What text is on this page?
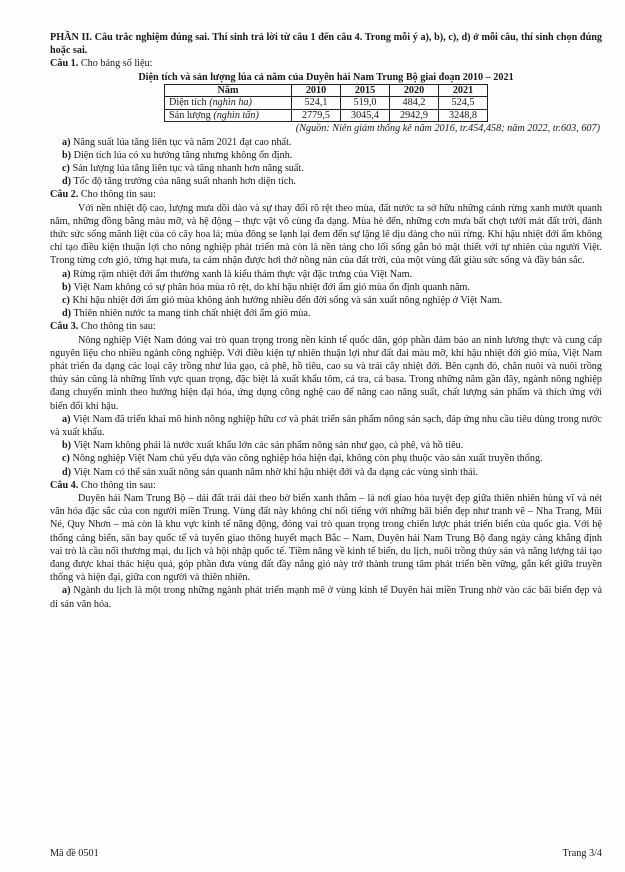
PHẦN II. Câu trắc nghiệm đúng sai. Thí sinh trả lời từ câu 1 đến câu 4. Trong mỗi ý a), b), c), d) ở mỗi câu, thí sinh chọn đúng hoặc sai.

Câu 1. Cho bảng số liệu:

Diện tích và sản lượng lúa cả năm của Duyên hải Nam Trung Bộ giai đoạn 2010 – 2021

Năm	2010	2015	2020	2021
Diện tích (nghìn ha)	524,1	519,0	484,2	524,5
Sản lượng (nghìn tấn)	2779,5	3045,4	2942,9	3248,8

(Nguồn: Niên giám thống kê năm 2016, tr.454,458; năm 2022, tr.603, 607)

a) Năng suất lúa tăng liên tục và năm 2021 đạt cao nhất.

b) Diện tích lúa có xu hướng tăng nhưng không ổn định.

c) Sản lượng lúa tăng liên tục và tăng nhanh hơn năng suất.

d) Tốc độ tăng trưởng của năng suất nhanh hơn diện tích.

Câu 2. Cho thông tin sau:

Với nền nhiệt độ cao, lượng mưa dồi dào và sự thay đổi rõ rệt theo mùa, đất nước ta sở hữu những cánh rừng xanh mướt quanh năm, những đồng bằng màu mỡ, và hệ động – thực vật vô cùng đa dạng. Mùa hè đến, những cơn mưa bất chợt tưới mát đất trời, đánh thức sức sống mãnh liệt của cỏ cây hoa lá; mùa đông se lạnh lại đem đến sự lặng lẽ dịu dàng cho núi rừng. Khí hậu nhiệt đới ẩm không chỉ tạo điều kiện thuận lợi cho nông nghiệp phát triển mà còn là nền tảng cho lối sống gắn bó mật thiết với tự nhiên của người Việt. Trong từng cơn gió, từng hạt mưa, ta cảm nhận được hơi thở nồng nàn của đất trời, của một vùng đất giàu sức sống và đầy bản sắc.

a) Rừng rậm nhiệt đới ẩm thường xanh là kiểu thảm thực vật đặc trưng của Việt Nam.

b) Việt Nam không có sự phân hóa mùa rõ rệt, do khí hậu nhiệt đới ẩm gió mùa ổn định quanh năm.

c) Khí hậu nhiệt đới ẩm gió mùa không ảnh hưởng nhiều đến đời sống và sản xuất nông nghiệp ở Việt Nam.

d) Thiên nhiên nước ta mang tính chất nhiệt đới ẩm gió mùa.

Câu 3. Cho thông tin sau:

Nông nghiệp Việt Nam đóng vai trò quan trọng trong nền kinh tế quốc dân, góp phần đảm bảo an ninh lương thực và cung cấp nguyên liệu cho nhiều ngành công nghiệp. Với điều kiện tự nhiên thuận lợi như đất đai màu mỡ, khí hậu nhiệt đới gió mùa, Việt Nam phát triển đa dạng các loại cây trồng như lúa gạo, cà phê, hồ tiêu, cao su và trái cây nhiệt đới. Bên cạnh đó, chăn nuôi và nuôi trồng thủy sản cũng là những lĩnh vực quan trọng, đặc biệt là xuất khẩu tôm, cá tra, cá basa. Trong những năm gần đây, ngành nông nghiệp đang chuyển mình theo hướng hiện đại hóa, ứng dụng công nghệ cao để nâng cao năng suất, chất lượng sản phẩm và thích ứng với biến đổi khí hậu.

a) Việt Nam đã triển khai mô hình nông nghiệp hữu cơ và phát triển sản phẩm nông sản sạch, đáp ứng nhu cầu tiêu dùng trong nước và xuất khẩu.

b) Việt Nam không phải là nước xuất khẩu lớn các sản phẩm nông sản như gạo, cà phê, và hồ tiêu.

c) Nông nghiệp Việt Nam chủ yếu dựa vào công nghiệp hóa hiện đại, không còn phụ thuộc vào sản xuất truyền thống.

d) Việt Nam có thể sản xuất nông sản quanh năm nhờ khí hậu nhiệt đới và đa dạng các vùng sinh thái.

Câu 4. Cho thông tin sau:

Duyên hải Nam Trung Bộ – dải đất trải dài theo bờ biển xanh thẳm – là nơi giao hòa tuyệt đẹp giữa thiên nhiên hùng vĩ và nét văn hóa đặc sắc của con người miền Trung. Vùng đất này không chỉ nổi tiếng với những bãi biển đẹp như tranh vẽ – Nha Trang, Mũi Né, Quy Nhơn – mà còn là khu vực kinh tế năng động, đóng vai trò quan trọng trong chiến lược phát triển biển của quốc gia. Với hệ thống cảng biển, sân bay quốc tế và tuyến giao thông huyết mạch Bắc – Nam, Duyên hải Nam Trung Bộ đang ngày càng khẳng định vai trò là cầu nối thương mại, du lịch và hội nhập quốc tế. Tiềm năng về kinh tế biển, du lịch, nuôi trồng thủy sản và năng lượng tái tạo đang được khai thác hiệu quả, góp phần đưa vùng đất đầy nắng gió này trở thành trung tâm phát triển bền vững, gắn kết giữa truyền thống và hiện đại, giữa con người và thiên nhiên.

a) Ngành du lịch là một trong những ngành phát triển mạnh mẽ ở vùng kinh tế Duyên hải miền Trung nhờ vào các bãi biển đẹp và di sản văn hóa.

Mã đề 0501	Trang 3/4
